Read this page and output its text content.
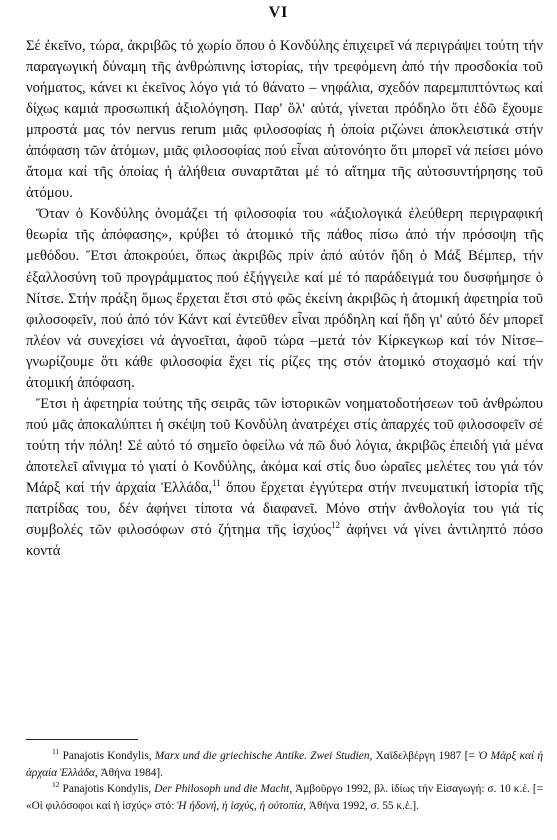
VI

Σέ ἐκεῖνο, τώρα, ἀκριβῶς τό χωρίο ὅπου ὁ Κονδύλης ἐπιχειρεῖ νά περιγράψει τούτη τήν παραγωγική δύναμη τῆς ἀνθρώπινης ἱστορίας, τήν τρεφόμενη ἀπό τήν προσδοκία τοῦ νοήματος, κάνει κι ἐκεῖνος λόγο γιά τό θάνατο – νηφάλια, σχεδόν παρεμπιπτόντως καί δίχως καμιά προσωπική ἀξιολόγηση. Παρ' ὅλ' αὐτά, γίνεται πρόδηλο ὅτι ἐδῶ ἔχουμε μπροστά μας τόν nervus rerum μιᾶς φιλοσοφίας ἡ ὁποία ριζώνει ἀποκλειστικά στήν ἀπόφαση τῶν ἀτόμων, μιᾶς φιλοσοφίας πού εἶναι αὐτονόητο ὅτι μπορεῖ νά πείσει μόνο ἄτομα καί τῆς ὁποίας ἡ ἀλήθεια συναρτᾶται μέ τό αἴτημα τῆς αὐτοσυντήρησης τοῦ ἀτόμου.

Ὅταν ὁ Κονδύλης ὀνομάζει τή φιλοσοφία του «ἀξιολογικά ἐλεύθερη περιγραφική θεωρία τῆς ἀπόφασης», κρύβει τό ἀτομικό τῆς πάθος πίσω ἀπό τήν πρόσοψη τῆς μεθόδου. Ἔτσι ἀποκρούει, ὅπως ἀκριβῶς πρίν ἀπό αὐτόν ἤδη ὁ Μάξ Βέμπερ, τήν ἐξαλλοσύνη τοῦ προγράμματος πού ἐξήγγειλε καί μέ τό παράδειγμά του δυσφήμησε ὁ Νίτσε. Στήν πράξη ὅμως ἔρχεται ἔτσι στό φῶς ἐκείνη ἀκριβῶς ἡ ἀτομική ἀφετηρία τοῦ φιλοσοφεῖν, πού ἀπό τόν Κάντ καί ἐντεῦθεν εἶναι πρόδηλη καί ἤδη γι' αὐτό δέν μπορεῖ πλέον νά συνεχίσει νά ἀγνοεῖται, ἀφοῦ τώρα –μετά τόν Κίρκεγκωρ καί τόν Νίτσε– γνωρίζουμε ὅτι κάθε φιλοσοφία ἔχει τίς ρίζες της στόν ἀτομικό στοχασμό καί τήν ἀτομική ἀπόφαση.

Ἔτσι ἡ ἀφετηρία τούτης τῆς σειρᾶς τῶν ἱστορικῶν νοηματοδοτήσεων τοῦ ἀνθρώπου πού μᾶς ἀποκαλύπτει ἡ σκέψη τοῦ Κονδύλη ἀνατρέχει στίς ἀπαρχές τοῦ φιλοσοφεῖν σέ τούτη τήν πόλη! Σέ αὐτό τό σημεῖο ὀφείλω νά πῶ δυό λόγια, ἀκριβῶς ἐπειδή γιά μένα ἀποτελεῖ αἴνιγμα τό γιατί ὁ Κονδύλης, ἀκόμα καί στίς δυο ὡραῖες μελέτες του γιά τόν Μάρξ καί τήν ἀρχαία Ἑλλάδα,$^{11}$ ὅπου ἔρχεται ἐγγύτερα στήν πνευματική ἱστορία τῆς πατρίδας του, δέν ἀφήνει τίποτα νά διαφανεῖ. Μόνο στήν ἀνθολογία του γιά τίς συμβολές τῶν φιλοσόφων στό ζήτημα τῆς ἰσχύος$^{12}$ ἀφήνει νά γίνει ἀντιληπτό πόσο κοντά

$^{11}$ Panajotis Kondylis, Marx und die griechische Antike. Zwei Studien, Χαϊδελβέργη 1987 [= Ὁ Μάρξ καί ἡ ἀρχαία Ἑλλάδα, Ἀθήνα 1984].

$^{12}$ Panajotis Kondylis, Der Philosoph und die Macht, Ἀμβοῦργο 1992, βλ. ἰδίως τήν Εἰσαγωγή: σ. 10 κ.ἑ. [= «Οἱ φιλόσοφοι καί ἡ ἰσχύς» στό: Ἡ ἡδονή, ἡ ἰσχύς, ἡ οὐτοπία, Ἀθήνα 1992, σ. 55 κ.ἑ.].
